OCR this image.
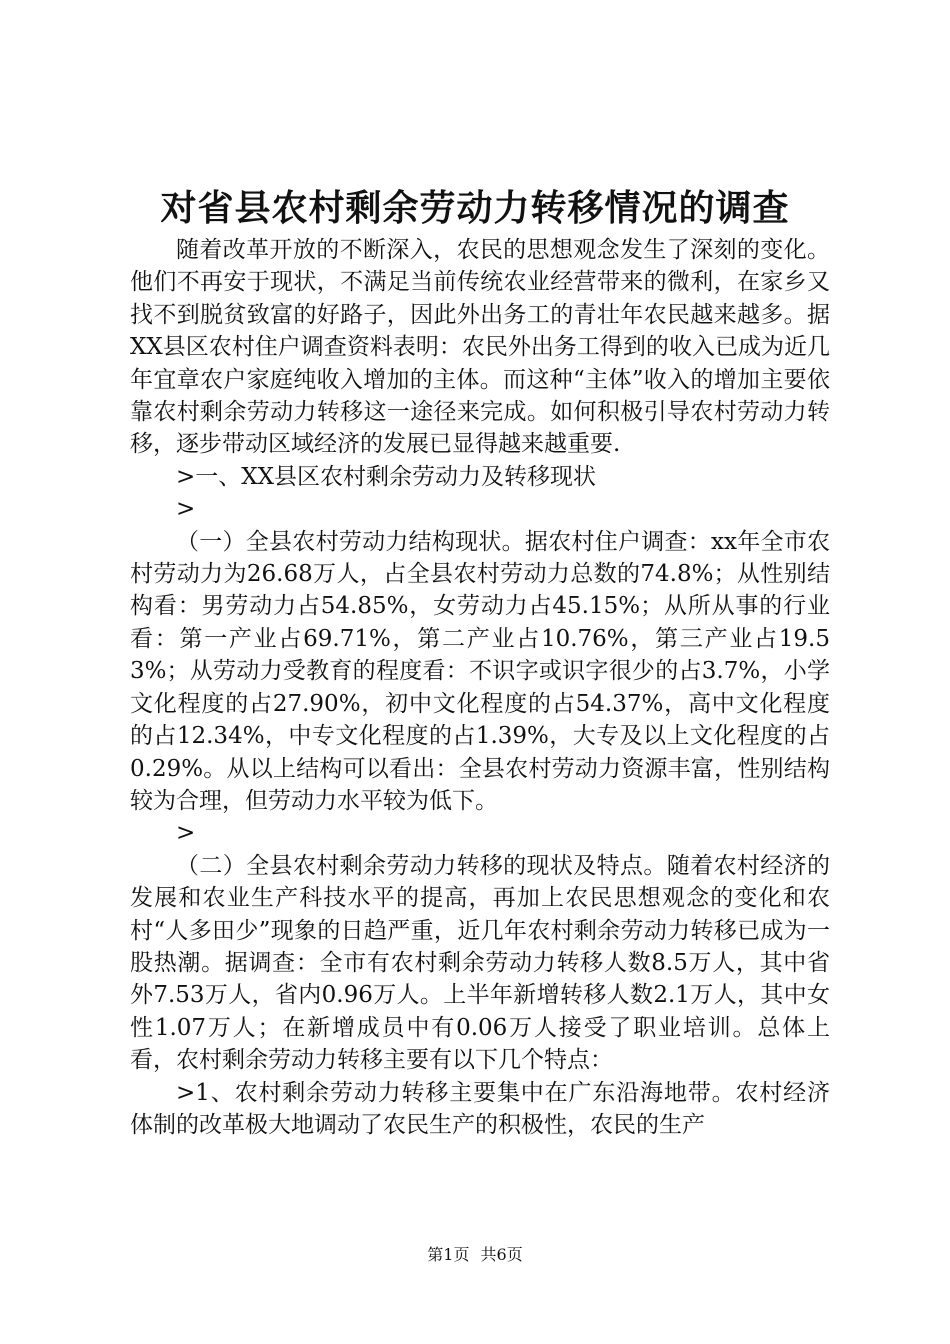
对省县农村剩余劳动力转移情况的调查

随着改革开放的不断深入，农民的思想观念发生了深刻的变化。他们不再安于现状，不满足当前传统农业经营带来的微利，在家乡又找不到脱贫致富的好路子，因此外出务工的青壮年农民越来越多。据XX县区农村住户调查资料表明：农民外出务工得到的收入已成为近几年宜章农户家庭纯收入增加的主体。而这种“主体”收入的增加主要依靠农村剩余劳动力转移这一途径来完成。如何积极引导农村劳动力转移，逐步带动区域经济的发展已显得越来越重要.

>一、XX县区农村剩余劳动力及转移现状

>

（一）全县农村劳动力结构现状。据农村住户调查：xx年全市农村劳动力为26.68万人，占全县农村劳动力总数的74.8%；从性别结构看：男劳动力占54.85%，女劳动力占45.15%；从所从事的行业看：第一产业占69.71%，第二产业占10.76%，第三产业占19.53%；从劳动力受教育的程度看：不识字或识字很少的占3.7%，小学文化程度的占27.90%，初中文化程度的占54.37%，高中文化程度的占12.34%，中专文化程度的占1.39%，大专及以上文化程度的占0.29%。从以上结构可以看出：全县农村劳动力资源丰富，性别结构较为合理，但劳动力水平较为低下。

>

（二）全县农村剩余劳动力转移的现状及特点。随着农村经济的发展和农业生产科技水平的提高，再加上农民思想观念的变化和农村“人多田少”现象的日趋严重，近几年农村剩余劳动力转移已成为一股热潮。据调查：全市有农村剩余劳动力转移人数8.5万人，其中省外7.53万人，省内0.96万人。上半年新增转移人数2.1万人，其中女性1.07万人；在新增成员中有0.06万人接受了职业培训。总体上看，农村剩余劳动力转移主要有以下几个特点：

>1、农村剩余劳动力转移主要集中在广东沿海地带。农村经济体制的改革极大地调动了农民生产的积极性，农民的生产

第1页 共6页
